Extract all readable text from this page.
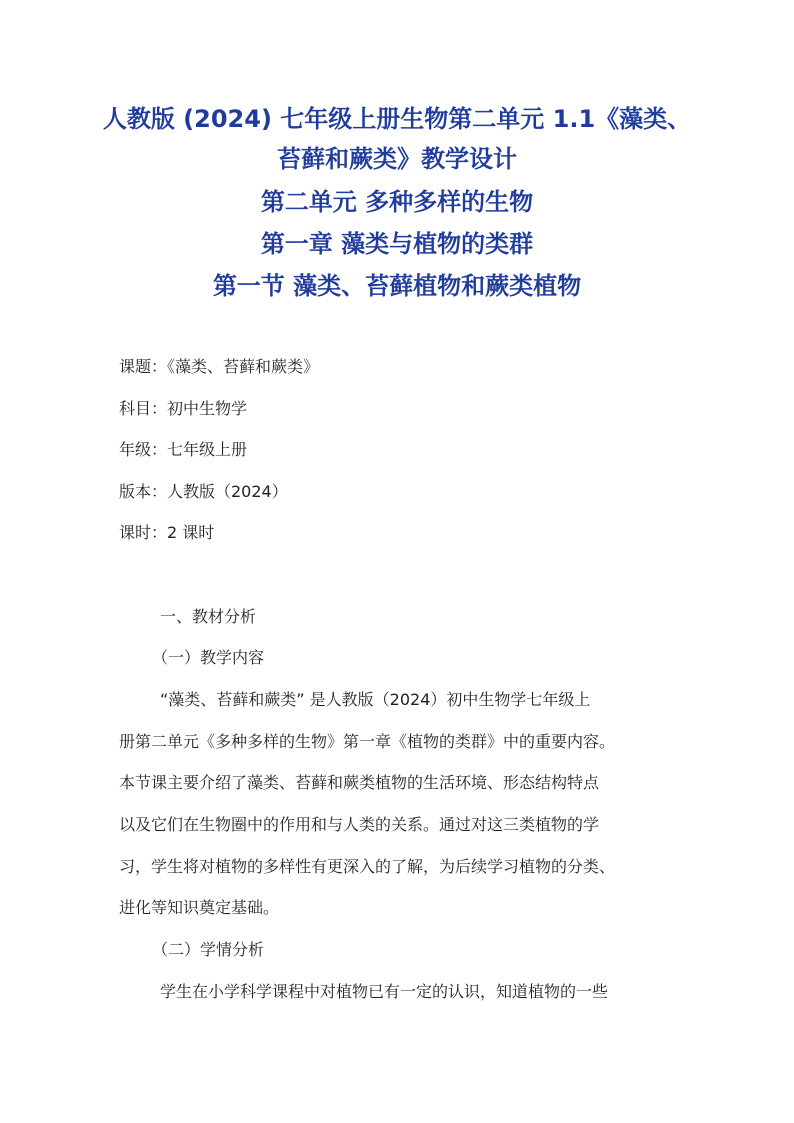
人教版 (2024) 七年级上册生物第二单元 1.1《藻类、
苔藓和蕨类》教学设计
第二单元 多种多样的生物
第一章 藻类与植物的类群
第一节 藻类、苔藓植物和蕨类植物
课题：《藻类、苔藓和蕨类》
科目：初中生物学
年级：七年级上册
版本：人教版（2024）
课时：2 课时
一、教材分析
（一）教学内容
“藻类、苔藓和蕨类” 是人教版（2024）初中生物学七年级上
册第二单元《多种多样的生物》第一章《植物的类群》中的重要内容。
本节课主要介绍了藻类、苔藓和蕨类植物的生活环境、形态结构特点
以及它们在生物圈中的作用和与人类的关系。通过对这三类植物的学
习，学生将对植物的多样性有更深入的了解，为后续学习植物的分类、
进化等知识奠定基础。
（二）学情分析
学生在小学科学课程中对植物已有一定的认识，知道植物的一些
